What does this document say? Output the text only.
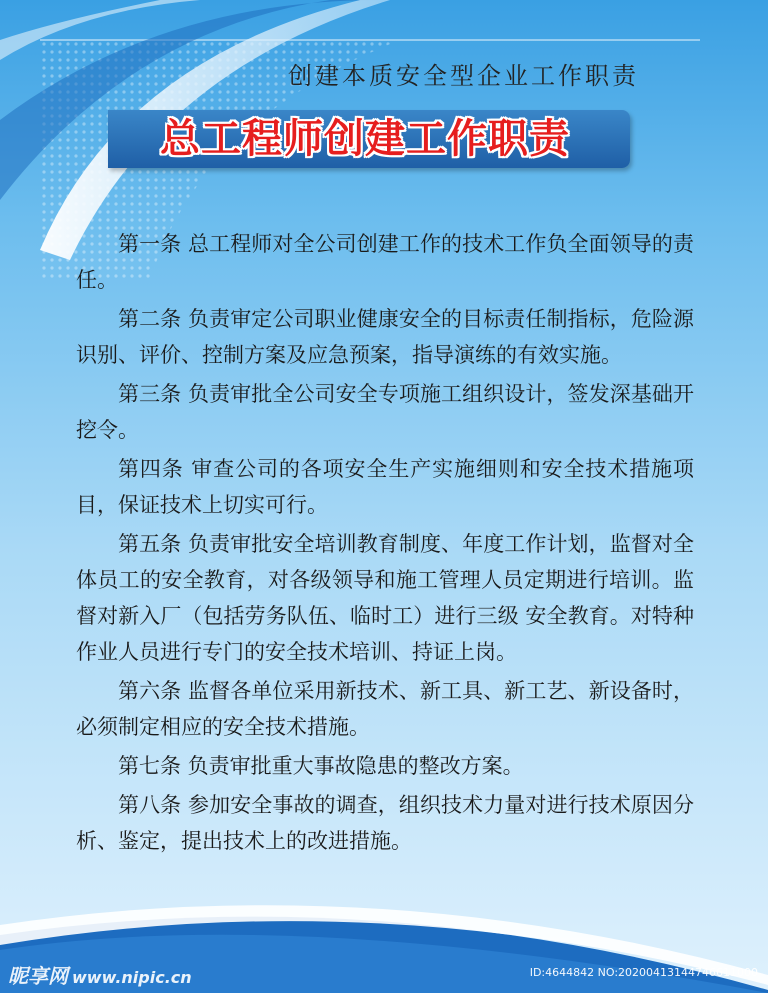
创建本质安全型企业工作职责
总工程师创建工作职责

第一条 总工程师对全公司创建工作的技术工作负全面领导的责任。

第二条 负责审定公司职业健康安全的目标责任制指标，危险源识别、评价、控制方案及应急预案，指导演练的有效实施。

第三条 负责审批全公司安全专项施工组织设计，签发深基础开挖令。

第四条 审查公司的各项安全生产实施细则和安全技术措施项目，保证技术上切实可行。

第五条 负责审批安全培训教育制度、年度工作计划，监督对全体员工的安全教育，对各级领导和施工管理人员定期进行培训。监督对新入厂（包括劳务队伍、临时工）进行三级 安全教育。对特种作业人员进行专门的安全技术培训、持证上岗。

第六条 监督各单位采用新技术、新工具、新工艺、新设备时，必须制定相应的安全技术措施。

第七条 负责审批重大事故隐患的整改方案。

第八条 参加安全事故的调查，组织技术力量对进行技术原因分析、鉴定，提出技术上的改进措施。

昵享网 www.nipic.cn	ID:4644842 NO:20200413144746611000
